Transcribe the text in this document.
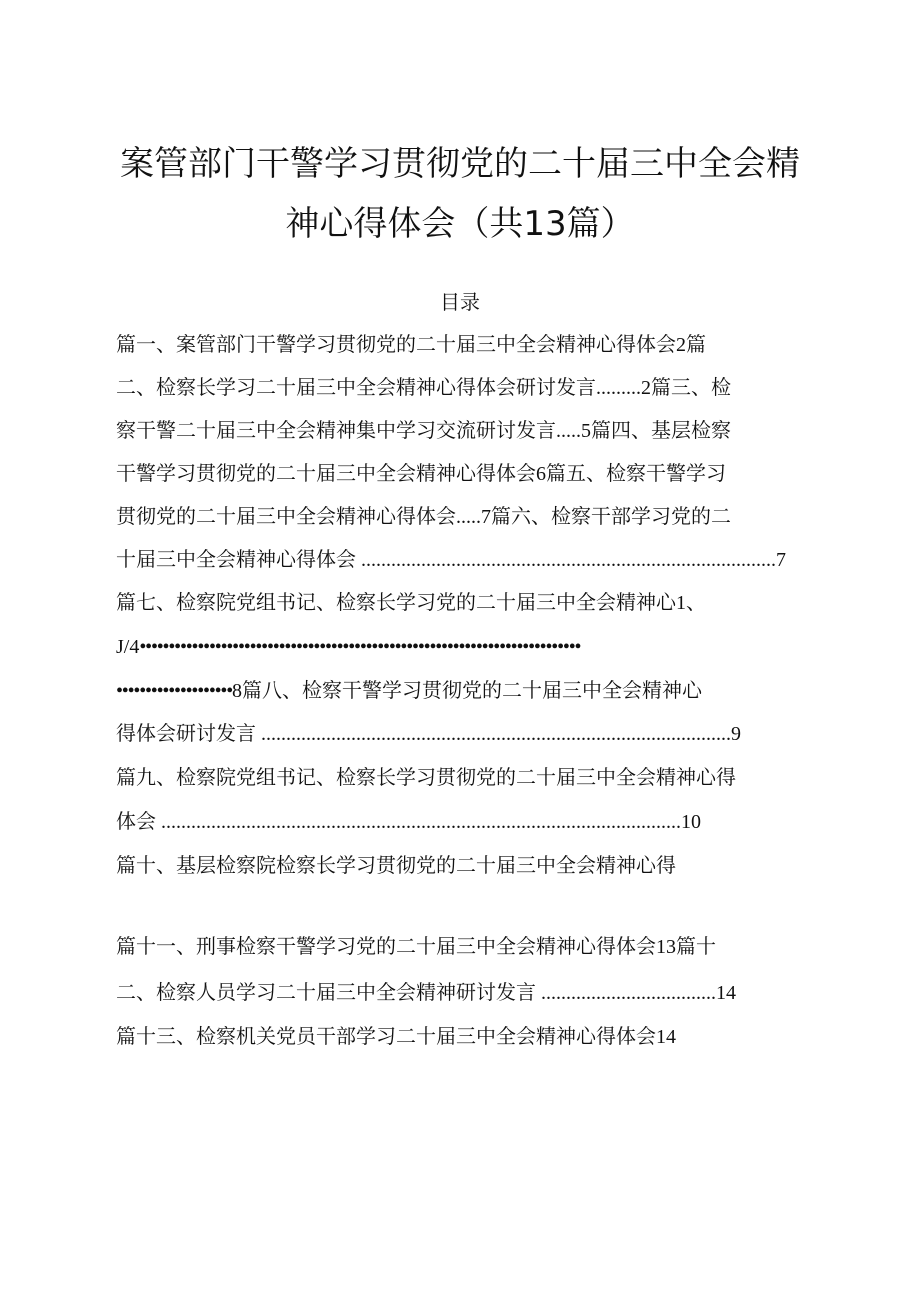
案管部门干警学习贯彻党的二十届三中全会精
神心得体会（共13篇）
目录
篇一、案管部门干警学习贯彻党的二十届三中全会精神心得体会2篇
二、检察长学习二十届三中全会精神心得体会研讨发言.........2篇三、检
察干警二十届三中全会精神集中学习交流研讨发言.....5篇四、基层检察
干警学习贯彻党的二十届三中全会精神心得体会6篇五、检察干警学习
贯彻党的二十届三中全会精神心得体会.....7篇六、检察干部学习党的二
十届三中全会精神心得体会 ...................................................................................7
篇七、检察院党组书记、检察长学习党的二十届三中全会精神心1、
J/4••••••••••••••••••••••••••••••••••••••••••••••••••••••••••••••••••••••••••••
••••••••••••••••••••8篇八、检察干警学习贯彻党的二十届三中全会精神心
得体会研讨发言 ..............................................................................................9
篇九、检察院党组书记、检察长学习贯彻党的二十届三中全会精神心得
体会 ........................................................................................................10
篇十、基层检察院检察长学习贯彻党的二十届三中全会精神心得
篇十一、刑事检察干警学习党的二十届三中全会精神心得体会13篇十
二、检察人员学习二十届三中全会精神研讨发言 ...................................14
篇十三、检察机关党员干部学习二十届三中全会精神心得体会14
